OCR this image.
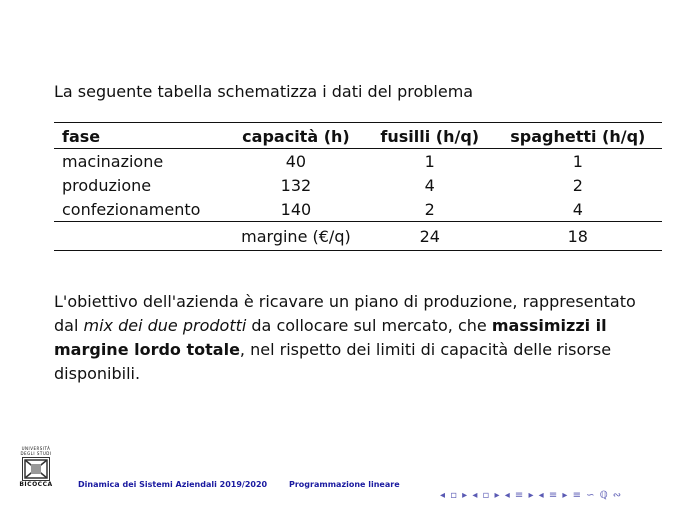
La seguente tabella schematizza i dati del problema
fase	capacità (h)	fusilli (h/q)	spaghetti (h/q)
macinazione	40	1	1
produzione	132	4	2
confezionamento	140	2	4
	margine (€/q)	24	18
L'obiettivo dell'azienda è ricavare un piano di produzione, rappresentato dal mix dei due prodotti da collocare sul mercato, che massimizzi il margine lordo totale, nel rispetto dei limiti di capacità delle risorse disponibili.
UNIVERSITÀ DEGLI STUDI
BICOCCA	Dinamica dei Sistemi Aziendali 2019/2020	Programmazione lineare
◂ ▫ ▸ ◂ ▫ ▸ ◂ ≡ ▸ ◂ ≡ ▸ ≡ ∽ ℚ ∾
